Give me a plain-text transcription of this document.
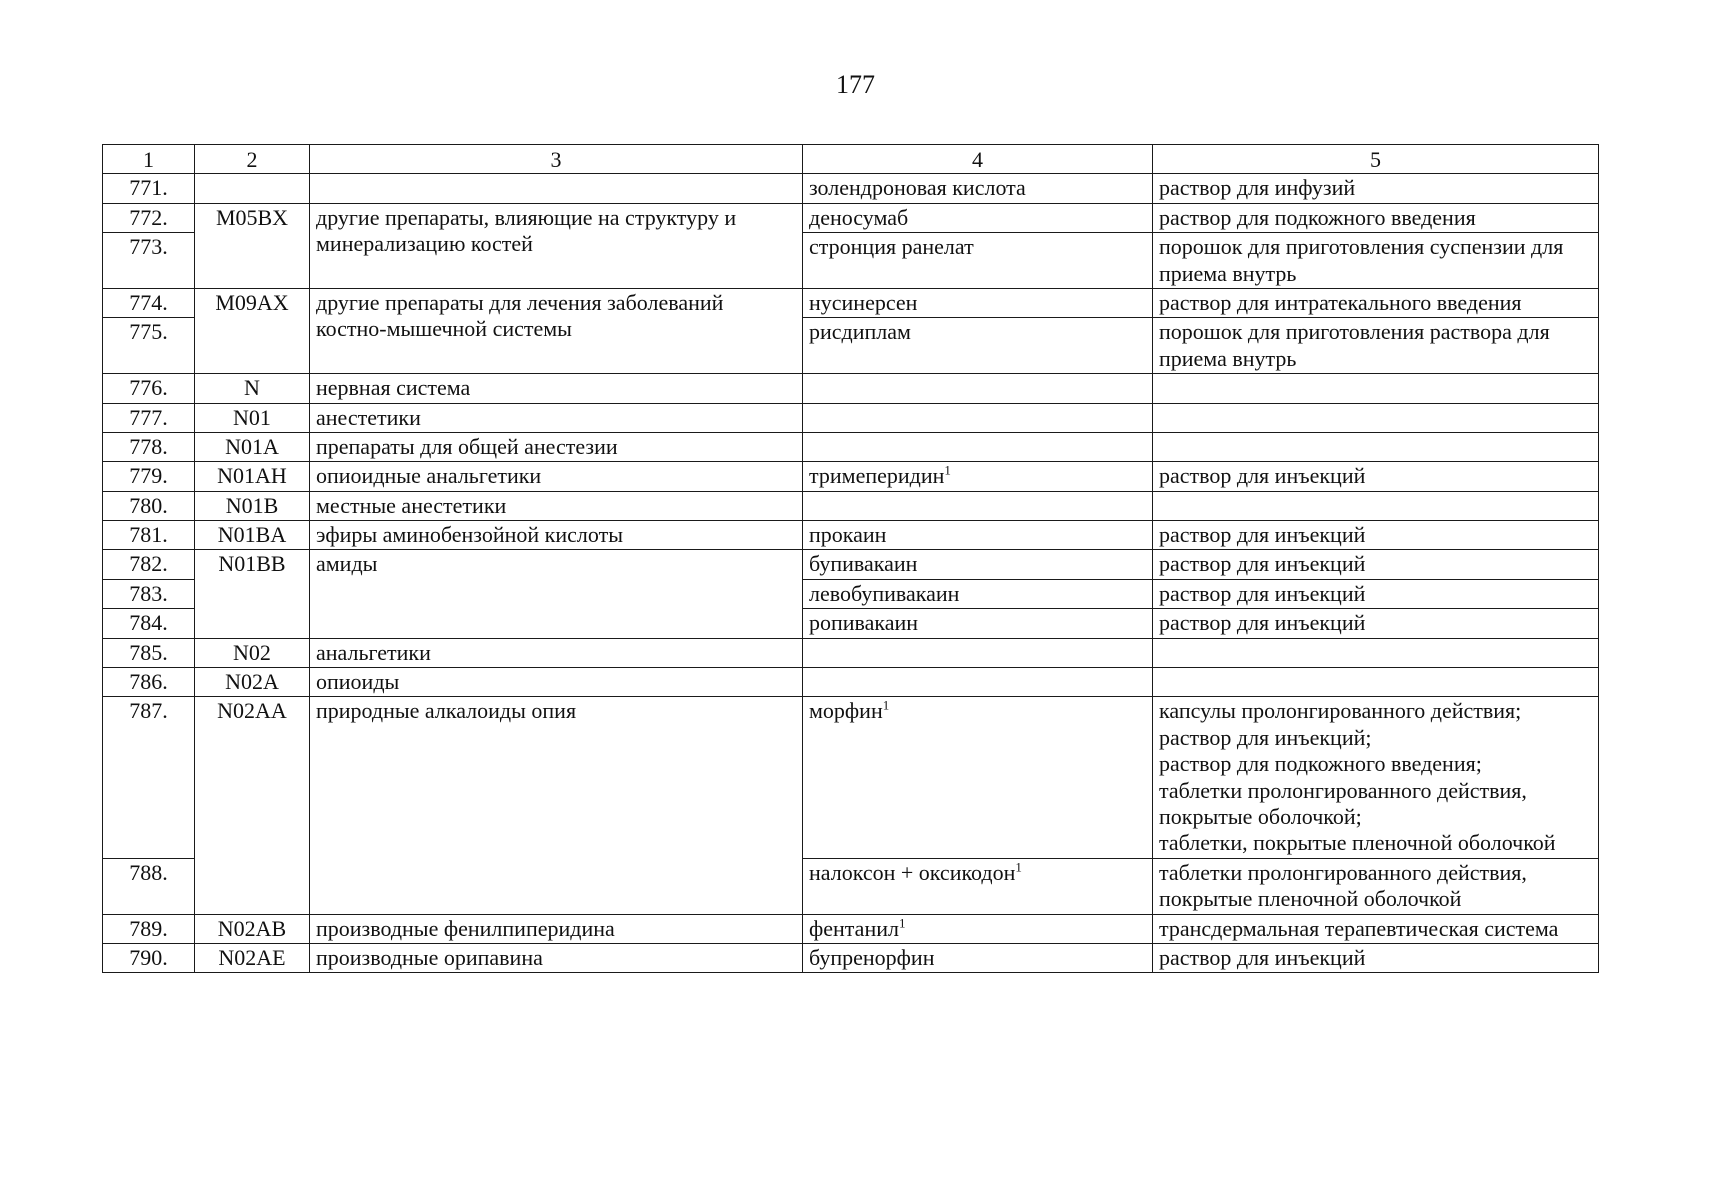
177
1	2	3	4	5
771.			золендроновая кислота	раствор для инфузий

772.	M05BX	другие препараты, влияющие на структуру и минерализацию костей	деносумаб	раствор для подкожного введения

773.			стронция ранелат	порошок для приготовления суспензии для приема внутрь

774.	M09AX	другие препараты для лечения заболеваний костно-мышечной системы	нусинерсен	раствор для интратекального введения

775.			рисдиплам	порошок для приготовления раствора для приема внутрь

776.	N	нервная система		
777.	N01	анестетики		
778.	N01A	препараты для общей анестезии		
779.	N01AH	опиоидные анальгетики	тримеперидин$^1$	раствор для инъекций

780.	N01B	местные анестетики		
781.	N01BA	эфиры аминобензойной кислоты	прокаин	раствор для инъекций

782.	N01BB	амиды	бупивакаин	раствор для инъекций

783.			левобупивакаин	раствор для инъекций

784.			ропивакаин	раствор для инъекций

785.	N02	анальгетики		
786.	N02A	опиоиды		
787.	N02AA	природные алкалоиды опия	морфин$^1$	капсулы пролонгированного действия;
раствор для инъекций;
раствор для подкожного введения;
таблетки пролонгированного действия, покрытые оболочкой;
таблетки, покрытые пленочной оболочкой

788.			налоксон + оксикодон$^1$	таблетки пролонгированного действия, покрытые пленочной оболочкой

789.	N02AB	производные фенилпиперидина	фентанил$^1$	трансдермальная терапевтическая система

790.	N02AE	производные орипавина	бупренорфин	раствор для инъекций
